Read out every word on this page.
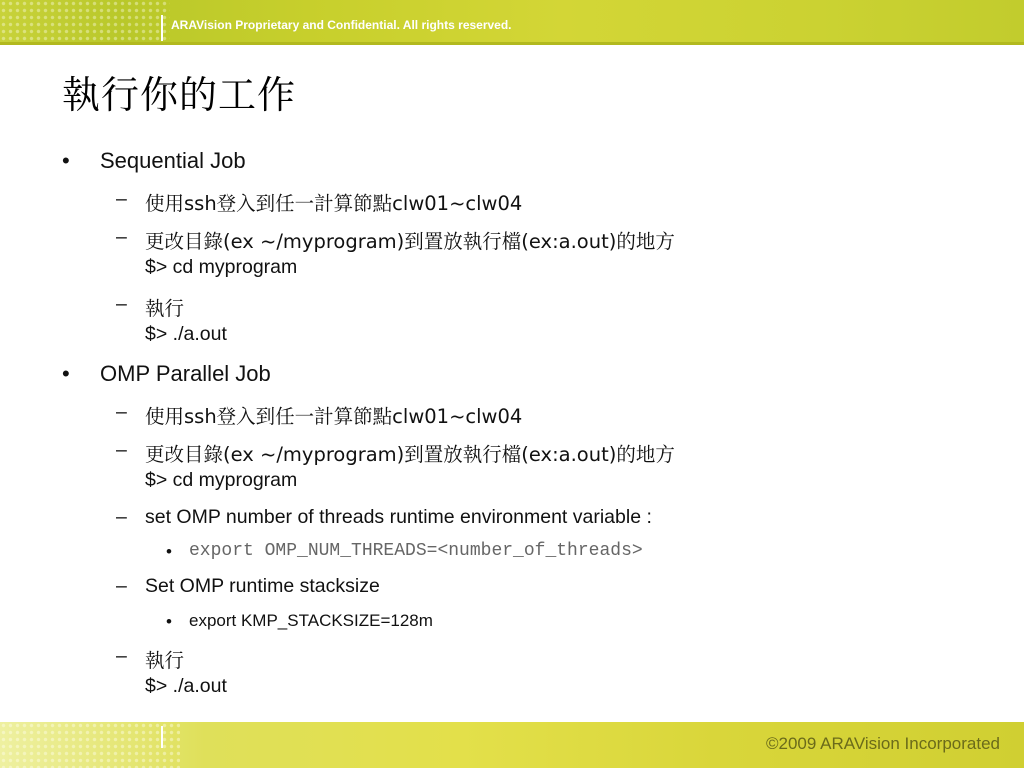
ARAVision Proprietary and Confidential. All rights reserved.
執行你的工作
• Sequential Job
– 使用ssh登入到任一計算節點clw01~clw04
– 更改目錄(ex ~/myprogram)到置放執行檔(ex:a.out)的地方
$> cd myprogram
– 執行
$> ./a.out
• OMP Parallel Job
– 使用ssh登入到任一計算節點clw01~clw04
– 更改目錄(ex ~/myprogram)到置放執行檔(ex:a.out)的地方
$> cd myprogram
– set OMP number of threads runtime environment variable :
• export OMP_NUM_THREADS=<number_of_threads>
– Set OMP runtime stacksize
• export KMP_STACKSIZE=128m
– 執行
$> ./a.out
©2009 ARAVision Incorporated
